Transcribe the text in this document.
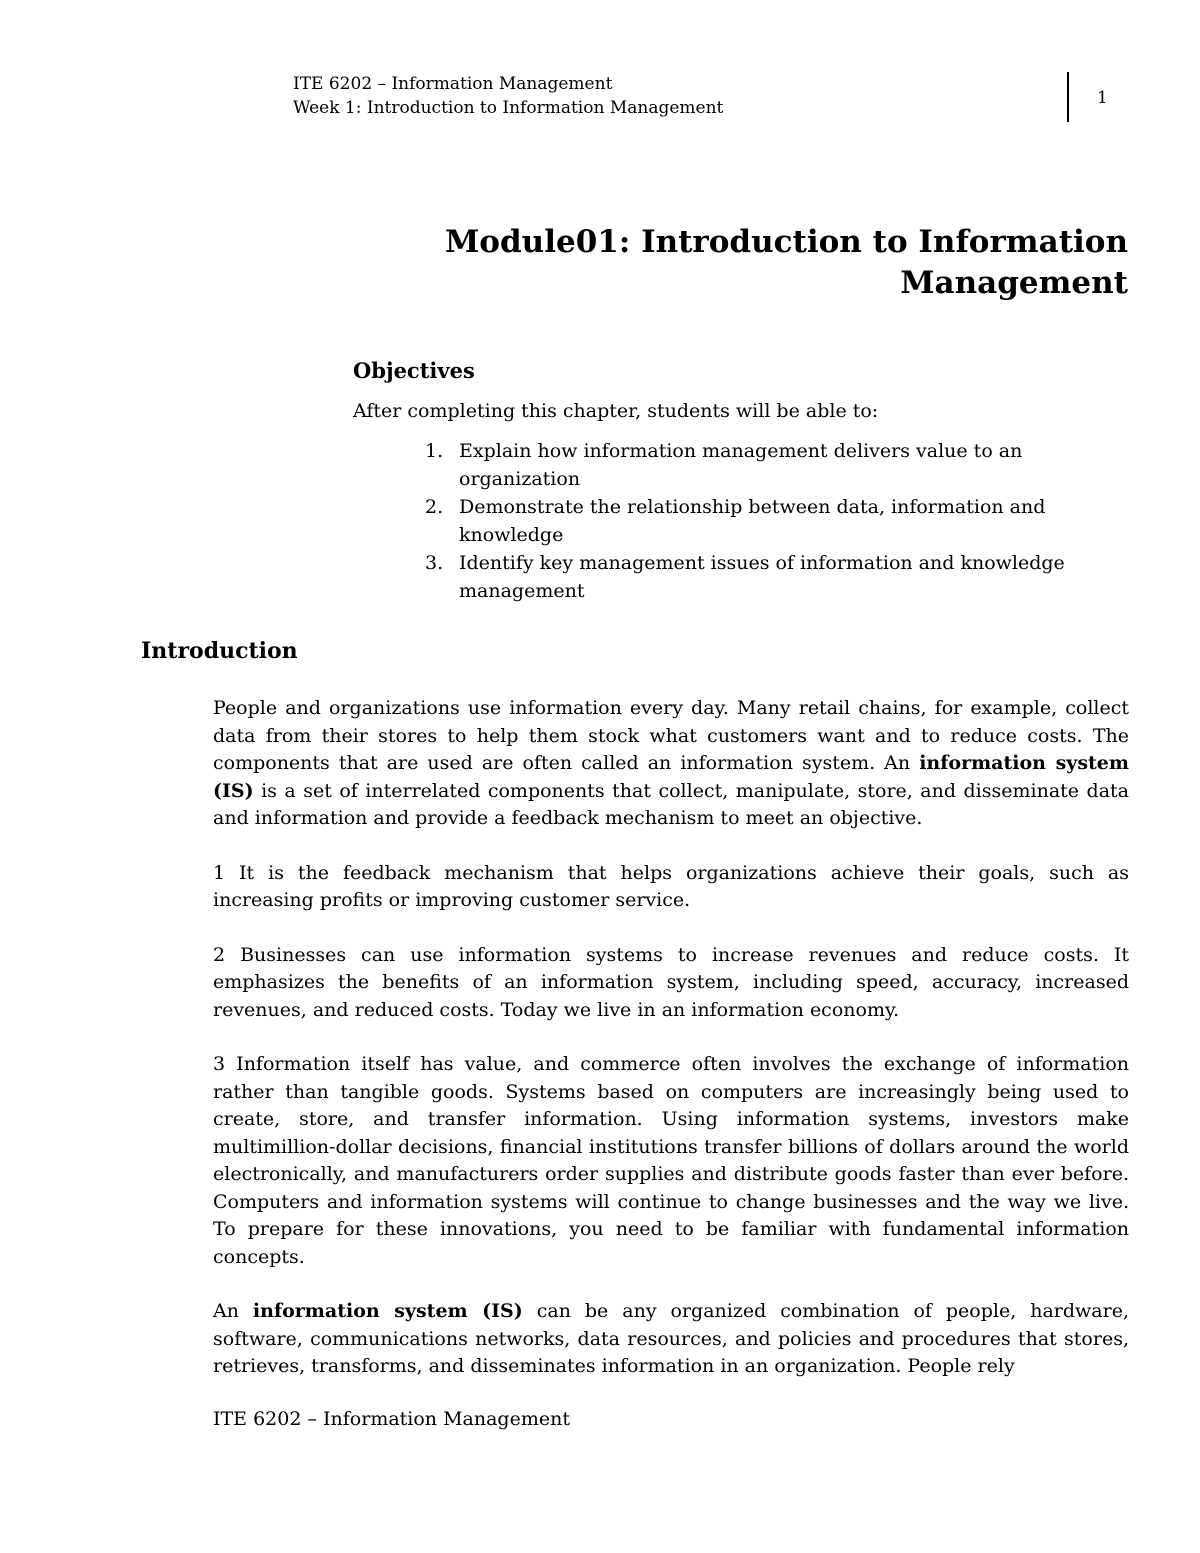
ITE 6202 – Information Management
Week 1: Introduction to Information Management	1
Module01: Introduction to Information
Management
Objectives
After completing this chapter, students will be able to:
1. Explain how information management delivers value to an organization
2. Demonstrate the relationship between data, information and knowledge
3. Identify key management issues of information and knowledge management
Introduction

People and organizations use information every day. Many retail chains, for example, collect data from their stores to help them stock what customers want and to reduce costs. The components that are used are often called an information system. An information system (IS) is a set of interrelated components that collect, manipulate, store, and disseminate data and information and provide a feedback mechanism to meet an objective.

1 It is the feedback mechanism that helps organizations achieve their goals, such as increasing profits or improving customer service.

2 Businesses can use information systems to increase revenues and reduce costs. It emphasizes the benefits of an information system, including speed, accuracy, increased revenues, and reduced costs. Today we live in an information economy.

3 Information itself has value, and commerce often involves the exchange of information rather than tangible goods. Systems based on computers are increasingly being used to create, store, and transfer information. Using information systems, investors make multimillion-dollar decisions, financial institutions transfer billions of dollars around the world electronically, and manufacturers order supplies and distribute goods faster than ever before. Computers and information systems will continue to change businesses and the way we live. To prepare for these innovations, you need to be familiar with fundamental information concepts.

An information system (IS) can be any organized combination of people, hardware, software, communications networks, data resources, and policies and procedures that stores, retrieves, transforms, and disseminates information in an organization. People rely

ITE 6202 – Information Management
